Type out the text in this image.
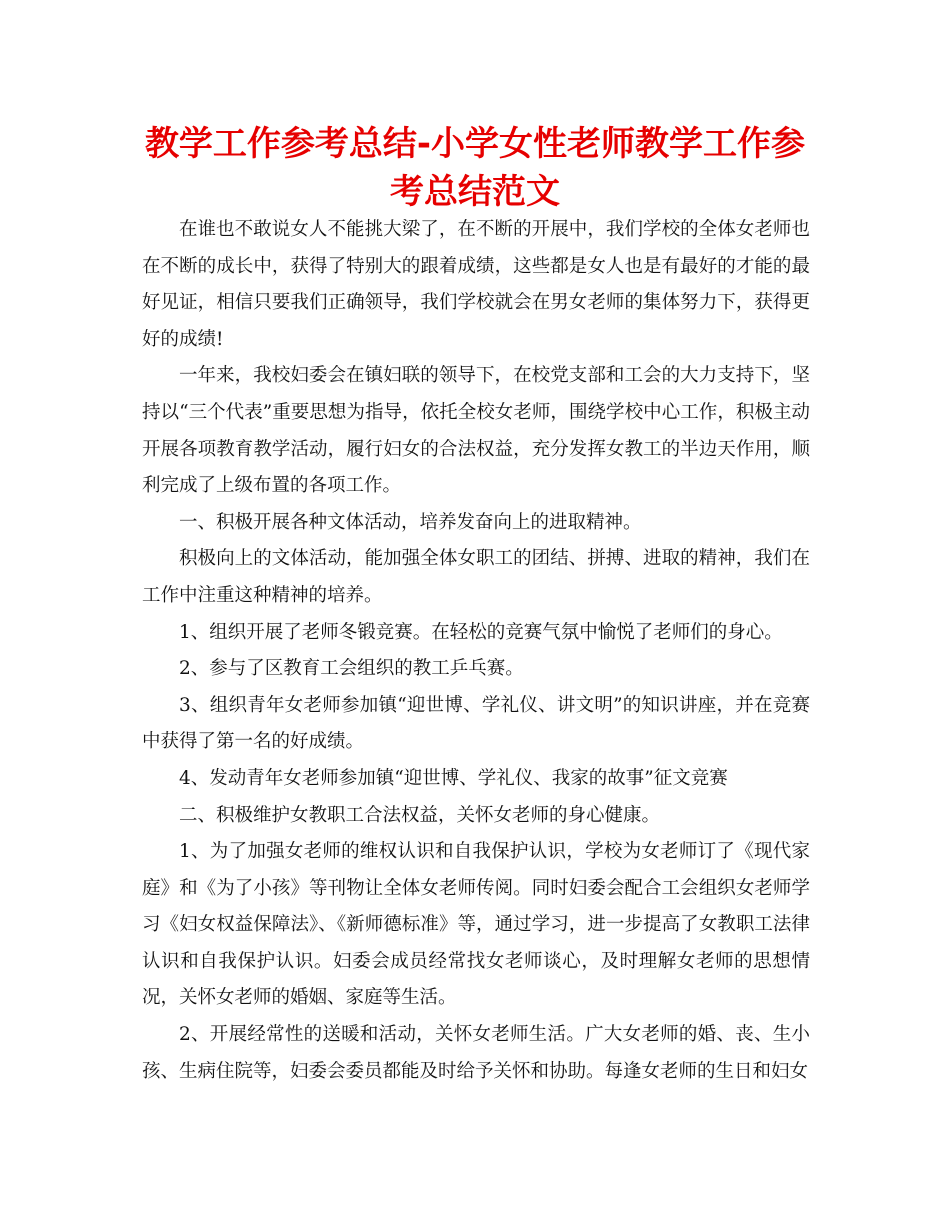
教学工作参考总结-小学女性老师教学工作参考总结范文

在谁也不敢说女人不能挑大梁了，在不断的开展中，我们学校的全体女老师也在不断的成长中，获得了特别大的跟着成绩，这些都是女人也是有最好的才能的最好见证，相信只要我们正确领导，我们学校就会在男女老师的集体努力下，获得更好的成绩!

一年来，我校妇委会在镇妇联的领导下，在校党支部和工会的大力支持下，坚持以“三个代表”重要思想为指导，依托全校女老师，围绕学校中心工作，积极主动开展各项教育教学活动，履行妇女的合法权益，充分发挥女教工的半边天作用，顺利完成了上级布置的各项工作。

一、积极开展各种文体活动，培养发奋向上的进取精神。

积极向上的文体活动，能加强全体女职工的团结、拼搏、进取的精神，我们在工作中注重这种精神的培养。

1、组织开展了老师冬锻竞赛。在轻松的竞赛气氛中愉悦了老师们的身心。

2、参与了区教育工会组织的教工乒乓赛。

3、组织青年女老师参加镇“迎世博、学礼仪、讲文明”的知识讲座，并在竞赛中获得了第一名的好成绩。

4、发动青年女老师参加镇“迎世博、学礼仪、我家的故事”征文竞赛

二、积极维护女教职工合法权益，关怀女老师的身心健康。

1、为了加强女老师的维权认识和自我保护认识，学校为女老师订了《现代家庭》和《为了小孩》等刊物让全体女老师传阅。同时妇委会配合工会组织女老师学习《妇女权益保障法》、《新师德标准》等，通过学习，进一步提高了女教职工法律认识和自我保护认识。妇委会成员经常找女老师谈心，及时理解女老师的思想情况，关怀女老师的婚姻、家庭等生活。

2、开展经常性的送暖和活动，关怀女老师生活。广大女老师的婚、丧、生小孩、生病住院等，妇委会委员都能及时给予关怀和协助。每逢女老师的生日和妇女
